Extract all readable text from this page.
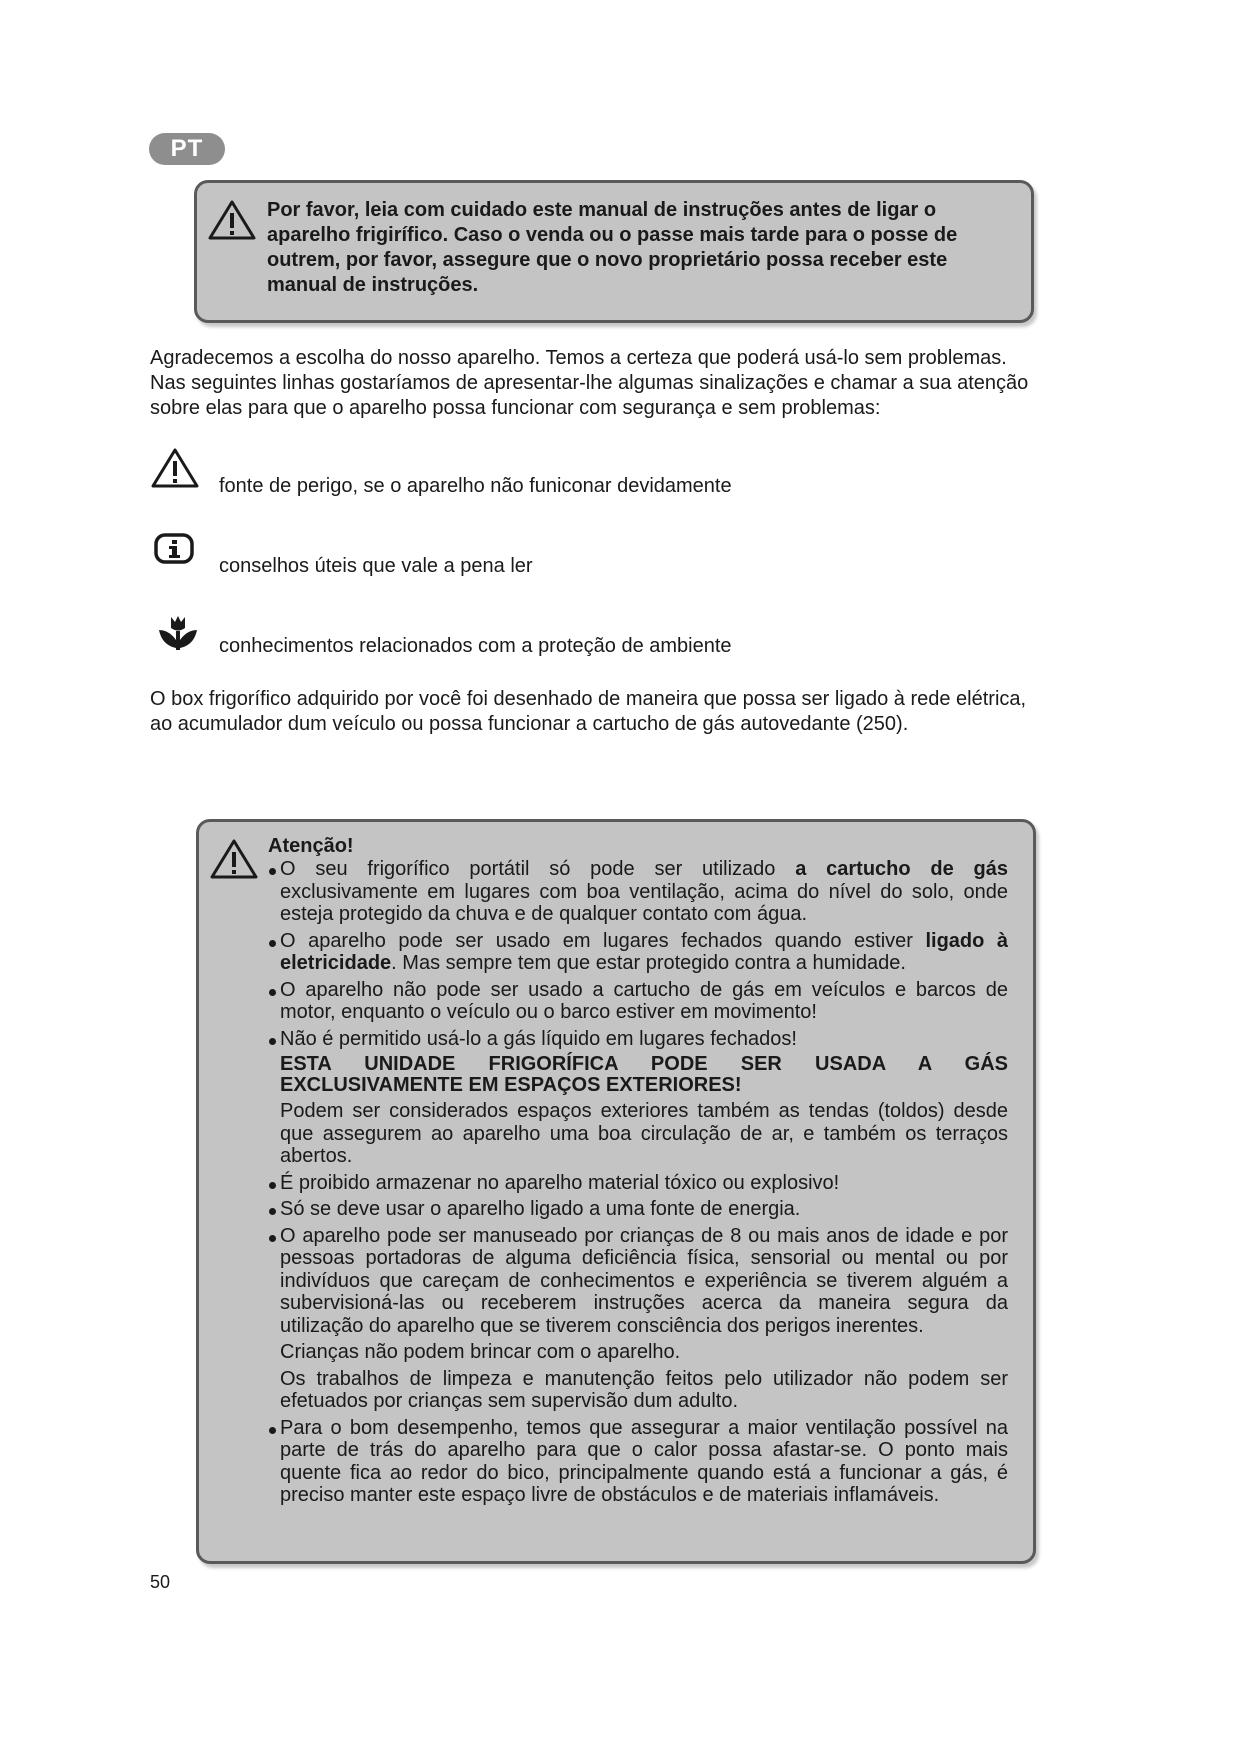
PT
Por favor, leia com cuidado este manual de instruções antes de ligar o
aparelho frigirífico. Caso o venda ou o passe mais tarde para o posse de
outrem, por favor, assegure que o novo proprietário possa receber este
manual de instruções.
Agradecemos a escolha do nosso aparelho. Temos a certeza que poderá usá-lo sem problemas.
Nas seguintes linhas gostaríamos de apresentar-lhe algumas sinalizações e chamar a sua atenção
sobre elas para que o aparelho possa funcionar com segurança e sem problemas:
fonte de perigo, se o aparelho não funiconar devidamente
conselhos úteis que vale a pena ler
conhecimentos relacionados com a proteção de ambiente
O box frigorífico adquirido por você foi desenhado de maneira que possa ser ligado à rede elétrica,
ao acumulador dum veículo ou possa funcionar a cartucho de gás autovedante (250).
Atenção!
O seu frigorífico portátil só pode ser utilizado a cartucho de gás
exclusivamente em lugares com boa ventilação, acima do nível do solo, onde
esteja protegido da chuva e de qualquer contato com água.
O aparelho pode ser usado em lugares fechados quando estiver ligado à
eletricidade. Mas sempre tem que estar protegido contra a humidade.
O aparelho não pode ser usado a cartucho de gás em veículos e barcos de
motor, enquanto o veículo ou o barco estiver em movimento!
Não é permitido usá-lo a gás líquido em lugares fechados!
ESTA UNIDADE FRIGORÍFICA PODE SER USADA A GÁS
EXCLUSIVAMENTE EM ESPAÇOS EXTERIORES!
Podem ser considerados espaços exteriores também as tendas (toldos) desde
que assegurem ao aparelho uma boa circulação de ar, e também os terraços
abertos.
É proibido armazenar no aparelho material tóxico ou explosivo!
Só se deve usar o aparelho ligado a uma fonte de energia.
O aparelho pode ser manuseado por crianças de 8 ou mais anos de idade e por
pessoas portadoras de alguma deficiência física, sensorial ou mental ou por
indivíduos que careçam de conhecimentos e experiência se tiverem alguém a
subervisioná-las ou receberem instruções acerca da maneira segura da
utilização do aparelho que se tiverem consciência dos perigos inerentes.
Crianças não podem brincar com o aparelho.
Os trabalhos de limpeza e manutenção feitos pelo utilizador não podem ser
efetuados por crianças sem supervisão dum adulto.
Para o bom desempenho, temos que assegurar a maior ventilação possível na
parte de trás do aparelho para que o calor possa afastar-se. O ponto mais
quente fica ao redor do bico, principalmente quando está a funcionar a gás, é
preciso manter este espaço livre de obstáculos e de materiais inflamáveis.
50
